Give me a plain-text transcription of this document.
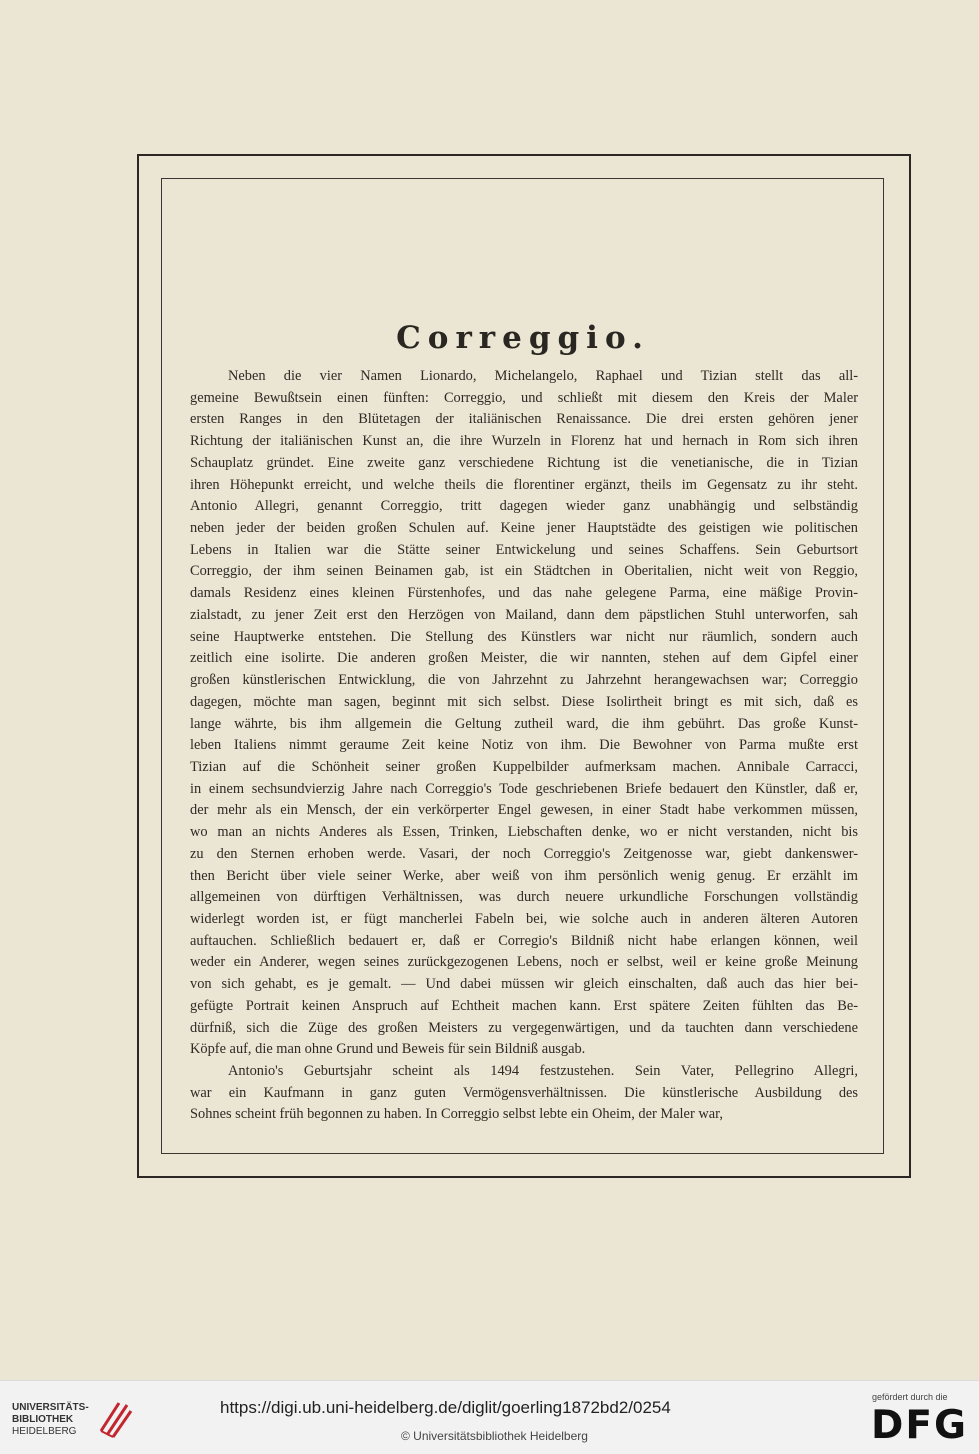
Correggio.
Neben die vier Namen Lionardo, Michelangelo, Raphael und Tizian stellt das all-
gemeine Bewußtsein einen fünften: Correggio, und schließt mit diesem den Kreis der Maler
ersten Ranges in den Blütetagen der italiänischen Renaissance. Die drei ersten gehören jener
Richtung der italiänischen Kunst an, die ihre Wurzeln in Florenz hat und hernach in Rom sich ihren
Schauplatz gründet. Eine zweite ganz verschiedene Richtung ist die venetianische, die in Tizian
ihren Höhepunkt erreicht, und welche theils die florentiner ergänzt, theils im Gegensatz zu ihr steht.
Antonio Allegri, genannt Correggio, tritt dagegen wieder ganz unabhängig und selbständig
neben jeder der beiden großen Schulen auf. Keine jener Hauptstädte des geistigen wie politischen
Lebens in Italien war die Stätte seiner Entwickelung und seines Schaffens. Sein Geburtsort
Correggio, der ihm seinen Beinamen gab, ist ein Städtchen in Oberitalien, nicht weit von Reggio,
damals Residenz eines kleinen Fürstenhofes, und das nahe gelegene Parma, eine mäßige Provin-
zialstadt, zu jener Zeit erst den Herzögen von Mailand, dann dem päpstlichen Stuhl unterworfen, sah
seine Hauptwerke entstehen. Die Stellung des Künstlers war nicht nur räumlich, sondern auch
zeitlich eine isolirte. Die anderen großen Meister, die wir nannten, stehen auf dem Gipfel einer
großen künstlerischen Entwicklung, die von Jahrzehnt zu Jahrzehnt herangewachsen war; Correggio
dagegen, möchte man sagen, beginnt mit sich selbst. Diese Isolirtheit bringt es mit sich, daß es
lange währte, bis ihm allgemein die Geltung zutheil ward, die ihm gebührt. Das große Kunst-
leben Italiens nimmt geraume Zeit keine Notiz von ihm. Die Bewohner von Parma mußte erst
Tizian auf die Schönheit seiner großen Kuppelbilder aufmerksam machen. Annibale Carracci,
in einem sechsundvierzig Jahre nach Correggio's Tode geschriebenen Briefe bedauert den Künstler, daß er,
der mehr als ein Mensch, der ein verkörperter Engel gewesen, in einer Stadt habe verkommen müssen,
wo man an nichts Anderes als Essen, Trinken, Liebschaften denke, wo er nicht verstanden, nicht bis
zu den Sternen erhoben werde. Vasari, der noch Correggio's Zeitgenosse war, giebt dankenswer-
then Bericht über viele seiner Werke, aber weiß von ihm persönlich wenig genug. Er erzählt im
allgemeinen von dürftigen Verhältnissen, was durch neuere urkundliche Forschungen vollständig
widerlegt worden ist, er fügt mancherlei Fabeln bei, wie solche auch in anderen älteren Autoren
auftauchen. Schließlich bedauert er, daß er Corregio's Bildniß nicht habe erlangen können, weil
weder ein Anderer, wegen seines zurückgezogenen Lebens, noch er selbst, weil er keine große Meinung
von sich gehabt, es je gemalt. — Und dabei müssen wir gleich einschalten, daß auch das hier bei-
gefügte Portrait keinen Anspruch auf Echtheit machen kann. Erst spätere Zeiten fühlten das Be-
dürfniß, sich die Züge des großen Meisters zu vergegenwärtigen, und da tauchten dann verschiedene
Köpfe auf, die man ohne Grund und Beweis für sein Bildniß ausgab.
Antonio's Geburtsjahr scheint als 1494 festzustehen. Sein Vater, Pellegrino Allegri,
war ein Kaufmann in ganz guten Vermögensverhältnissen. Die künstlerische Ausbildung des
Sohnes scheint früh begonnen zu haben. In Correggio selbst lebte ein Oheim, der Maler war,
UNIVERSITÄTS-
BIBLIOTHEK
HEIDELBERG
https://digi.ub.uni-heidelberg.de/diglit/goerling1872bd2/0254
© Universitätsbibliothek Heidelberg
gefördert durch die
DFG
